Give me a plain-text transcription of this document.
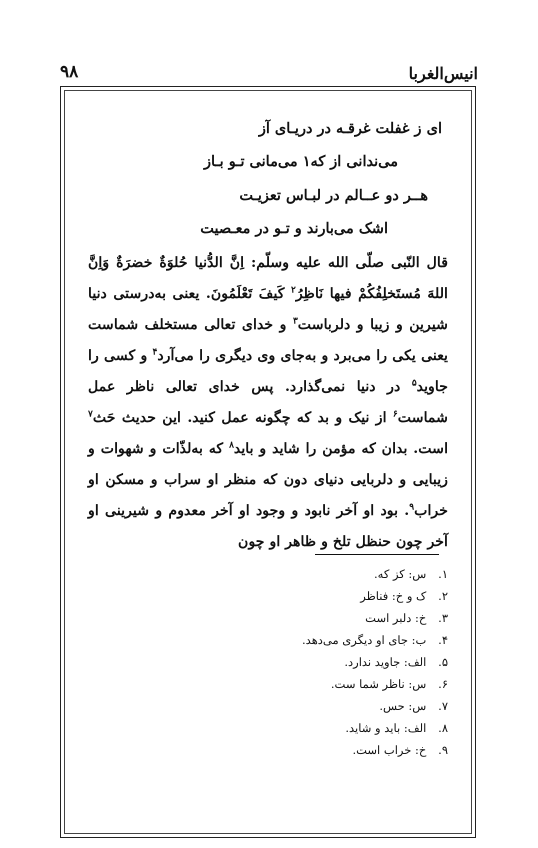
انیس‌الغربا
۹۸
ای ز غفلت غرقـه در دریـای آز
می‌ندانی از که۱ می‌مانی تـو بـاز
هــر دو عــالم در لبـاس تعزیـت
اشک می‌بارند و تـو در معـصیت

قال النّبی صلّی الله علیه وسلّم: اِنَّ الدُّنیا حُلوَةٌ خضرَةٌ وَاِنَّ اللهَ مُستَخلِفُکُمْ فیها نَاظِرُ$^۲$ کَیفَ تَعْلَمُونَ. یعنی به‌درستی دنیا شیرین و زیبا و دلرباست$^۳$ و خدای تعالی مستخلف شماست یعنی یکی را می‌برد و به‌جای وی دیگری را می‌آرد$^۴$ و کسی را جاوید$^۵$ در دنیا نمی‌گذارد. پس خدای تعالی ناظر عمل شماست$^۶$ از نیک و بد که چگونه عمل کنید. این حدیث حَث$^۷$ است. بدان که مؤمن را شاید و باید$^۸$ که به‌لذّات و شهوات و زیبایی و دلربایی دنیای دون که منظر او سراب و مسکن او خراب$^۹$. بود او آخر نابود و وجود او آخر معدوم و شیرینی او آخر چون حنظل تلخ و ظاهر او چون

۱. س: کز که.
۲. ک و خ: فناظر
۳. خ: دلبر است
۴. ب: جای او دیگری می‌دهد.
۵. الف: جاوید ندارد.
۶. س: ناظر شما ست.
۷. س: حس.
۸. الف: باید و شاید.
۹. خ: خراب است.
